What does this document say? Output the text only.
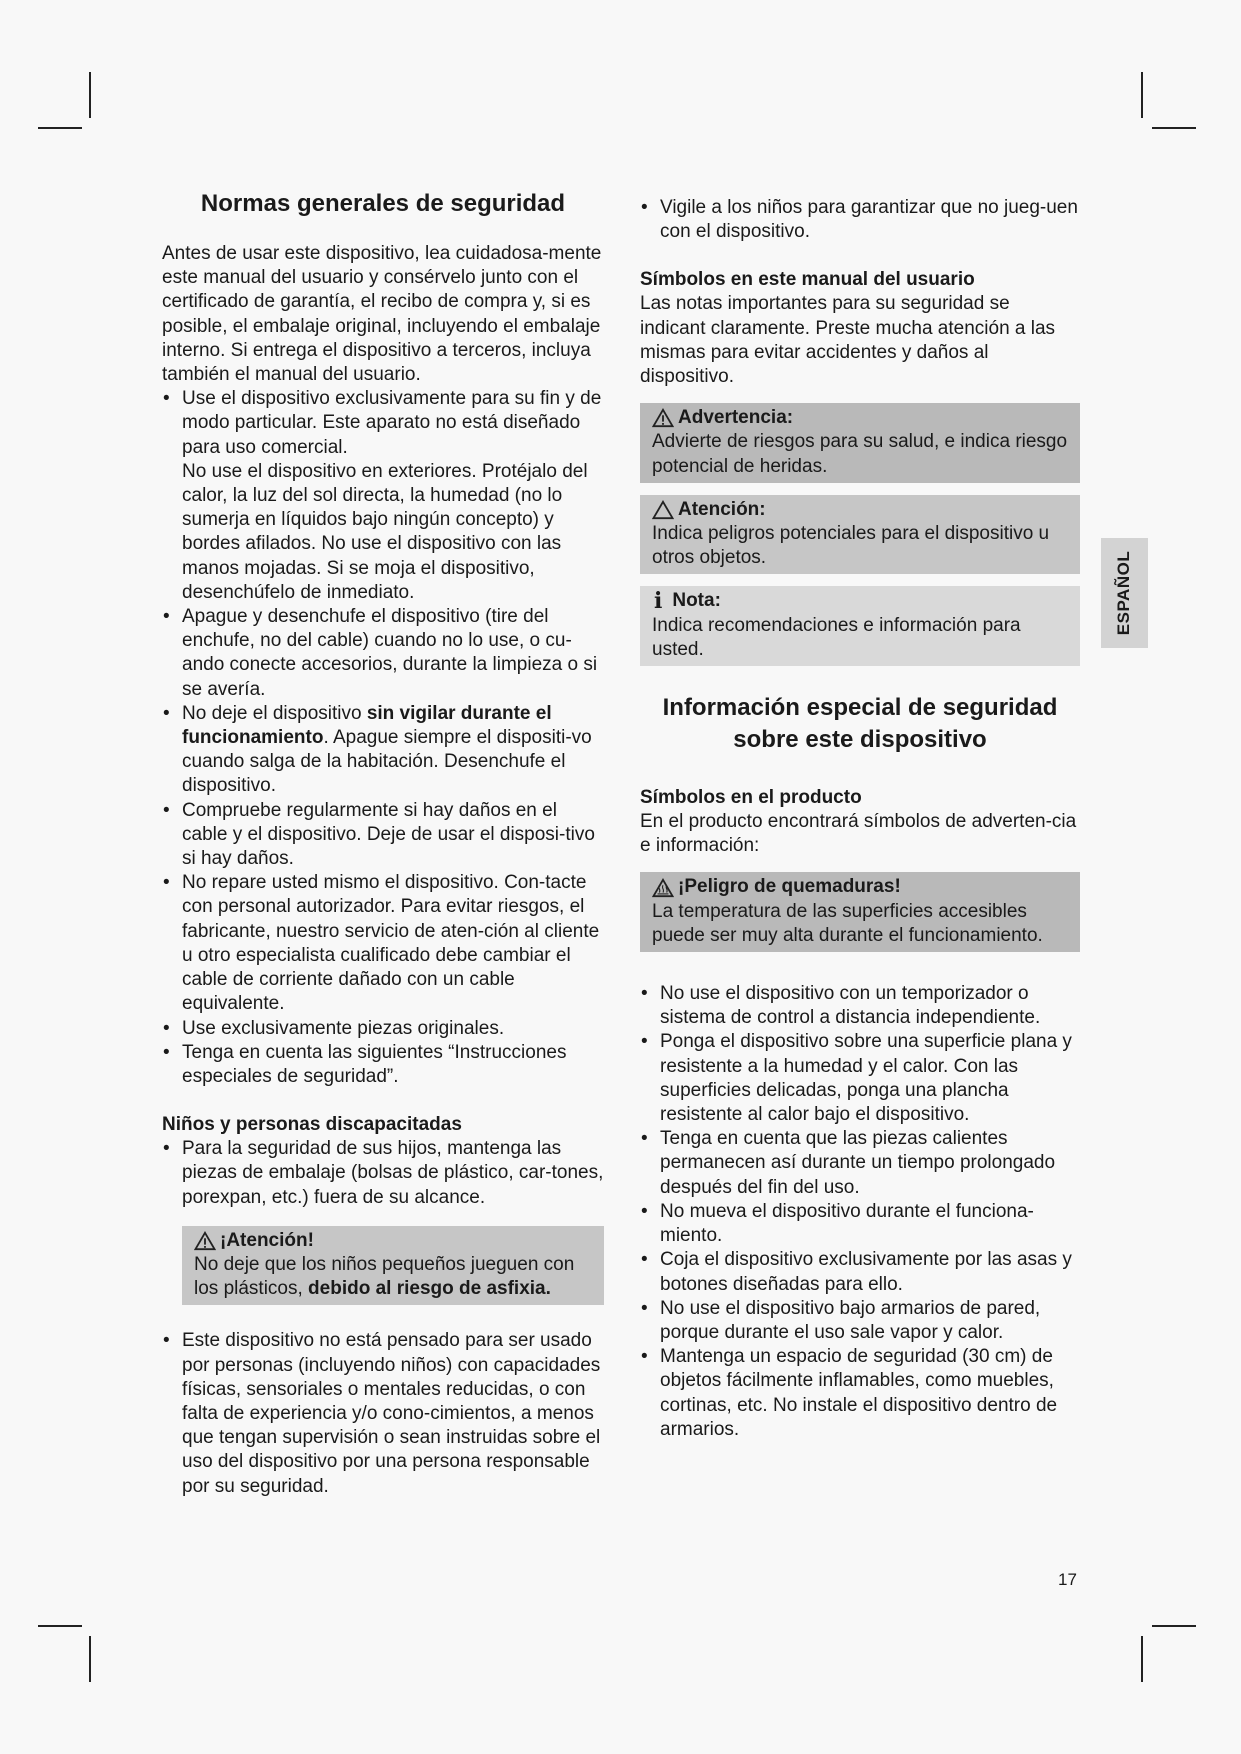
Normas generales de seguridad

Antes de usar este dispositivo, lea cuidadosa-mente este manual del usuario y consérvelo junto con el certificado de garantía, el recibo de compra y, si es posible, el embalaje original, incluyendo el embalaje interno. Si entrega el dispositivo a terceros, incluya también el manual del usuario.

• Use el dispositivo exclusivamente para su fin y de modo particular. Este aparato no está diseñado para uso comercial.
No use el dispositivo en exteriores. Protéjalo del calor, la luz del sol directa, la humedad (no lo sumerja en líquidos bajo ningún concepto) y bordes afilados. No use el dispositivo con las manos mojadas. Si se moja el dispositivo, desenchúfelo de inmediato.
• Apague y desenchufe el dispositivo (tire del enchufe, no del cable) cuando no lo use, o cu-ando conecte accesorios, durante la limpieza o si se avería.
• No deje el dispositivo sin vigilar durante el funcionamiento. Apague siempre el dispositi-vo cuando salga de la habitación. Desenchufe el dispositivo.
• Compruebe regularmente si hay daños en el cable y el dispositivo. Deje de usar el disposi-tivo si hay daños.
• No repare usted mismo el dispositivo. Con-tacte con personal autorizador. Para evitar riesgos, el fabricante, nuestro servicio de aten-ción al cliente u otro especialista cualificado debe cambiar el cable de corriente dañado con un cable equivalente.
• Use exclusivamente piezas originales.
• Tenga en cuenta las siguientes “Instrucciones especiales de seguridad”.
Niños y personas discapacitadas
• Para la seguridad de sus hijos, mantenga las piezas de embalaje (bolsas de plástico, car-tones, porexpan, etc.) fuera de su alcance.
¡Atención!

No deje que los niños pequeños jueguen con los plásticos, debido al riesgo de asfixia.

• Este dispositivo no está pensado para ser usado por personas (incluyendo niños) con capacidades físicas, sensoriales o mentales reducidas, o con falta de experiencia y/o cono-cimientos, a menos que tengan supervisión o sean instruidas sobre el uso del dispositivo por una persona responsable por su seguridad.
• Vigile a los niños para garantizar que no jueg-uen con el dispositivo.
Símbolos en este manual del usuario

Las notas importantes para su seguridad se indicant claramente. Preste mucha atención a las mismas para evitar accidentes y daños al dispositivo.

Advertencia:

Advierte de riesgos para su salud, e indica riesgo potencial de heridas.

Atención:

Indica peligros potenciales para el dispositivo u otros objetos.

i Nota:

Indica recomendaciones e información para usted.

Información especial de seguridad sobre este dispositivo
Símbolos en el producto

En el producto encontrará símbolos de adverten-cia e información:

¡Peligro de quemaduras!

La temperatura de las superficies accesibles puede ser muy alta durante el funcionamiento.

• No use el dispositivo con un temporizador o sistema de control a distancia independiente.
• Ponga el dispositivo sobre una superficie plana y resistente a la humedad y el calor. Con las superficies delicadas, ponga una plancha resistente al calor bajo el dispositivo.
• Tenga en cuenta que las piezas calientes permanecen así durante un tiempo prolongado después del fin del uso.
• No mueva el dispositivo durante el funciona-miento.
• Coja el dispositivo exclusivamente por las asas y botones diseñadas para ello.
• No use el dispositivo bajo armarios de pared, porque durante el uso sale vapor y calor.
• Mantenga un espacio de seguridad (30 cm) de objetos fácilmente inflamables, como muebles, cortinas, etc. No instale el dispositivo dentro de armarios.
ESPAÑOL
17
